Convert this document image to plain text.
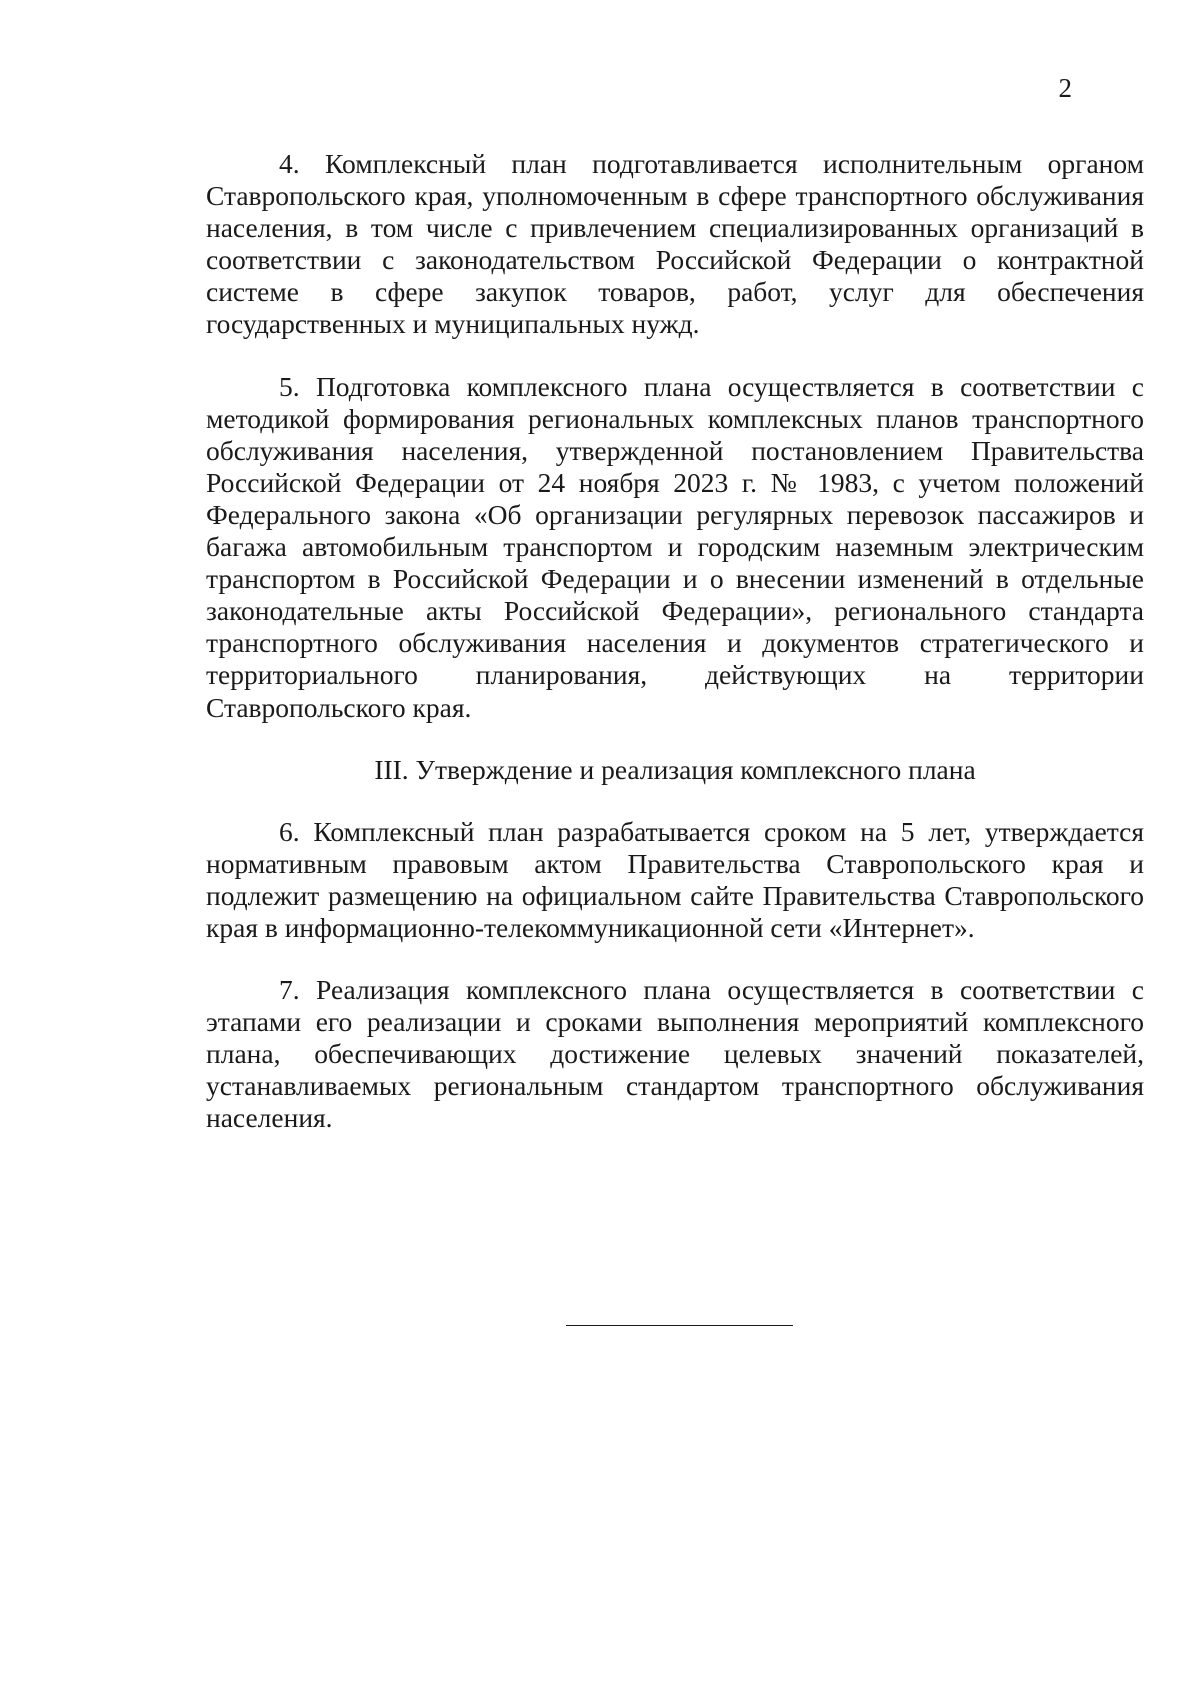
2

4. Комплексный план подготавливается исполнительным органом Ставропольского края, уполномоченным в сфере транспортного обслуживания населения, в том числе с привлечением специализированных организаций в соответствии с законодательством Российской Федерации о контрактной системе в сфере закупок товаров, работ, услуг для обеспечения государственных и муниципальных нужд.

5. Подготовка комплексного плана осуществляется в соответствии с методикой формирования региональных комплексных планов транспортного обслуживания населения, утвержденной постановлением Правительства Российской Федерации от 24 ноября 2023 г. № 1983, с учетом положений Федерального закона «Об организации регулярных перевозок пассажиров и багажа автомобильным транспортом и городским наземным электрическим транспортом в Российской Федерации и о внесении изменений в отдельные законодательные акты Российской Федерации», регионального стандарта транспортного обслуживания населения и документов стратегического и территориального планирования, действующих на территории Ставропольского края.

III. Утверждение и реализация комплексного плана

6. Комплексный план разрабатывается сроком на 5 лет, утверждается нормативным правовым актом Правительства Ставропольского края и подлежит размещению на официальном сайте Правительства Ставропольского края в информационно-телекоммуникационной сети «Интернет».

7. Реализация комплексного плана осуществляется в соответствии с этапами его реализации и сроками выполнения мероприятий комплексного плана, обеспечивающих достижение целевых значений показателей, устанавливаемых региональным стандартом транспортного обслуживания населения.
